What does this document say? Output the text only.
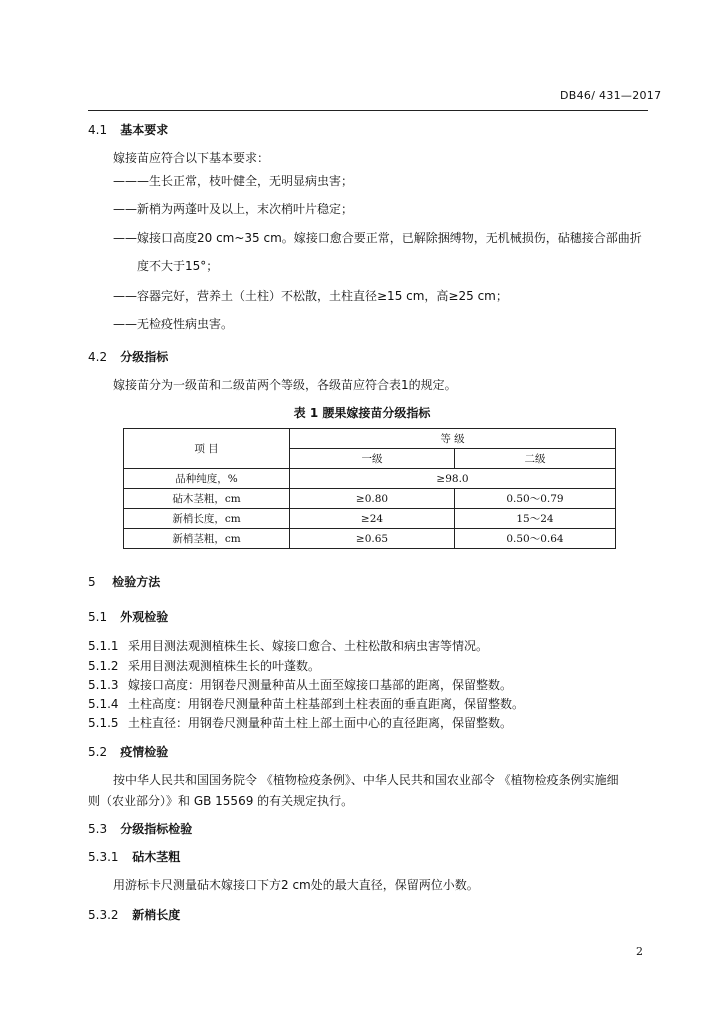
DB46/ 431—2017
4.1 基本要求
嫁接苗应符合以下基本要求：
———生长正常，枝叶健全，无明显病虫害；
——新梢为两蓬叶及以上，末次梢叶片稳定；
——嫁接口高度20 cm~35 cm。嫁接口愈合要正常，已解除捆缚物，无机械损伤，砧穗接合部曲折
度不大于15°；
——容器完好，营养土（土柱）不松散，土柱直径≥15 cm，高≥25 cm；
——无检疫性病虫害。
4.2 分级指标
嫁接苗分为一级苗和二级苗两个等级，各级苗应符合表1的规定。
表 1 腰果嫁接苗分级指标
项 目	等 级	
	一级	二级
品种纯度，%	≥98.0	
砧木茎粗，cm	≥0.80	0.50～0.79
新梢长度，cm	≥24	15～24
新梢茎粗，cm	≥0.65	0.50～0.64
5 检验方法
5.1 外观检验
5.1.1 采用目测法观测植株生长、嫁接口愈合、土柱松散和病虫害等情况。
5.1.2 采用目测法观测植株生长的叶蓬数。
5.1.3 嫁接口高度：用钢卷尺测量种苗从土面至嫁接口基部的距离，保留整数。
5.1.4 土柱高度：用钢卷尺测量种苗土柱基部到土柱表面的垂直距离，保留整数。
5.1.5 土柱直径：用钢卷尺测量种苗土柱上部土面中心的直径距离，保留整数。
5.2 疫情检验
按中华人民共和国国务院令 《植物检疫条例》、中华人民共和国农业部令 《植物检疫条例实施细
则（农业部分）》和 GB 15569 的有关规定执行。
5.3 分级指标检验
5.3.1 砧木茎粗
用游标卡尺测量砧木嫁接口下方2 cm处的最大直径，保留两位小数。
5.3.2 新梢长度
2
